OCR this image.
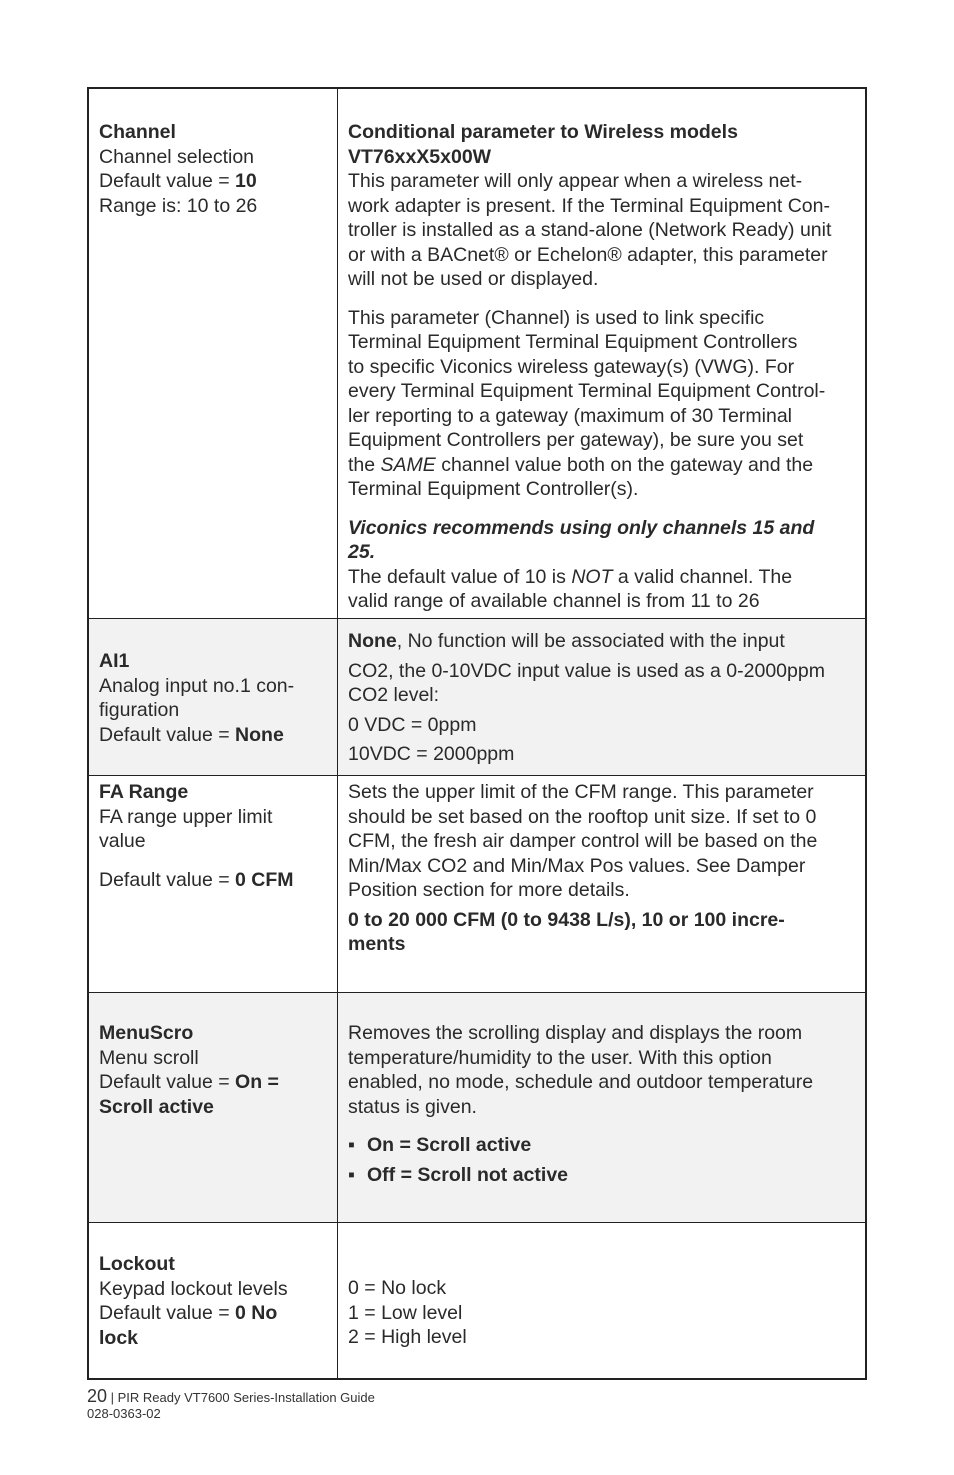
Channel

Channel selection

Default value = 10

Range is: 10 to 26

Conditional parameter to Wireless models

VT76xxX5x00W

This parameter will only appear when a wireless net-

work adapter is present. If the Terminal Equipment Con-

troller is installed as a stand-alone (Network Ready) unit

or with a BACnet® or Echelon® adapter, this parameter

will not be used or displayed.

This parameter (Channel) is used to link specific

Terminal Equipment Terminal Equipment Controllers

to specific Viconics wireless gateway(s) (VWG). For

every Terminal Equipment Terminal Equipment Control-

ler reporting to a gateway (maximum of 30 Terminal

Equipment Controllers per gateway), be sure you set

the SAME channel value both on the gateway and the

Terminal Equipment Controller(s).

Viconics recommends using only channels 15 and

25.

The default value of 10 is NOT a valid channel. The

valid range of available channel is from 11 to 26

AI1

Analog input no.1 con-

figuration

Default value = None

None, No function will be associated with the input

CO2, the 0-10VDC input value is used as a 0-2000ppm

CO2 level:

0 VDC = 0ppm

10VDC = 2000ppm

FA Range

FA range upper limit

value

Default value = 0 CFM

Sets the upper limit of the CFM range. This parameter

should be set based on the rooftop unit size. If set to 0

CFM, the fresh air damper control will be based on the

Min/Max CO2 and Min/Max Pos values. See Damper

Position section for more details.

0 to 20 000 CFM (0 to 9438 L/s), 10 or 100 incre-

ments

MenuScro

Menu scroll

Default value = On =

Scroll active

Removes the scrolling display and displays the room

temperature/humidity to the user. With this option

enabled, no mode, schedule and outdoor temperature

status is given.

▪ On = Scroll active
▪ Off = Scroll not active

Lockout

Keypad lockout levels

Default value = 0 No

lock

0 = No lock

1 = Low level

2 = High level

20 | PIR Ready VT7600 Series-Installation Guide
028-0363-02
